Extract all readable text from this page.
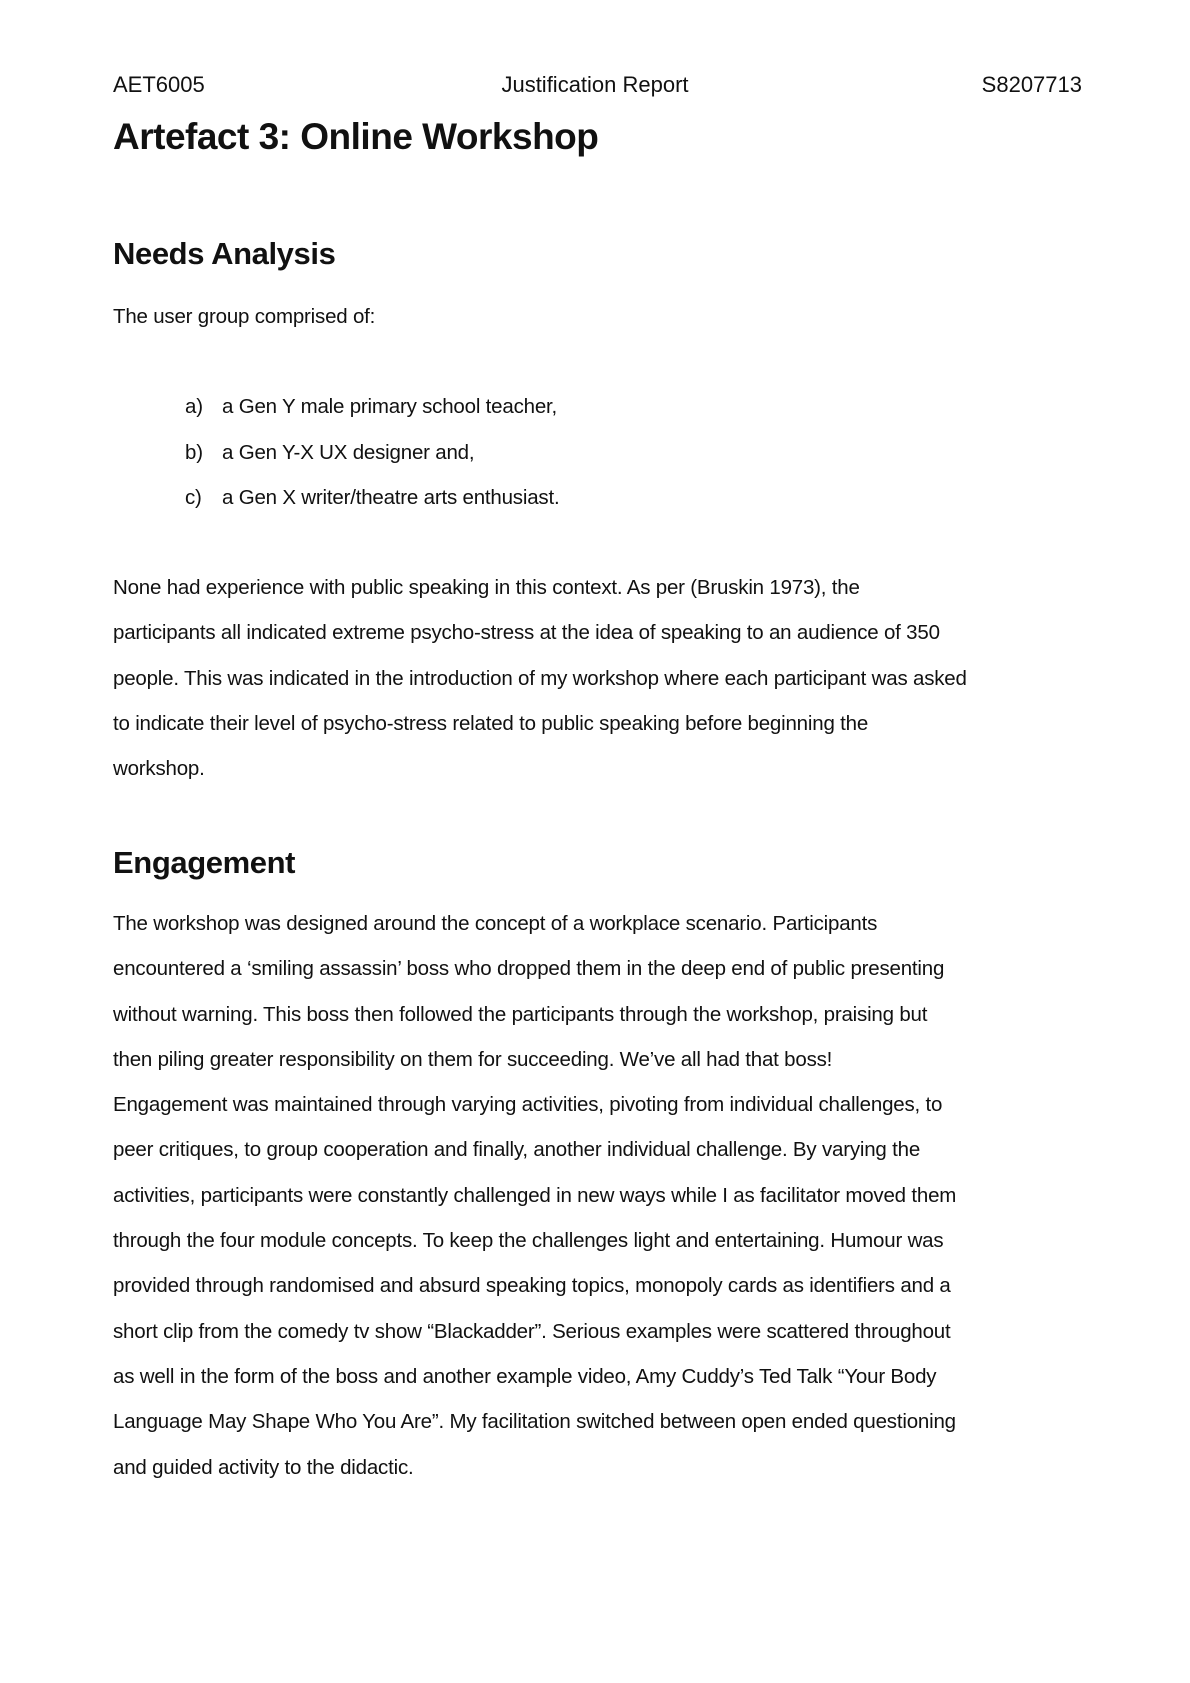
AET6005	Justification Report	S8207713
Artefact 3: Online Workshop
Needs Analysis
The user group comprised of:
a) a Gen Y male primary school teacher,
b) a Gen Y-X UX designer and,
c) a Gen X writer/theatre arts enthusiast.
None had experience with public speaking in this context. As per (Bruskin 1973), the
participants all indicated extreme psycho-stress at the idea of speaking to an audience of 350
people. This was indicated in the introduction of my workshop where each participant was asked
to indicate their level of psycho-stress related to public speaking before beginning the
workshop.
Engagement
The workshop was designed around the concept of a workplace scenario. Participants
encountered a ‘smiling assassin’ boss who dropped them in the deep end of public presenting
without warning. This boss then followed the participants through the workshop, praising but
then piling greater responsibility on them for succeeding. We’ve all had that boss!
Engagement was maintained through varying activities, pivoting from individual challenges, to
peer critiques, to group cooperation and finally, another individual challenge. By varying the
activities, participants were constantly challenged in new ways while I as facilitator moved them
through the four module concepts. To keep the challenges light and entertaining. Humour was
provided through randomised and absurd speaking topics, monopoly cards as identifiers and a
short clip from the comedy tv show “Blackadder”. Serious examples were scattered throughout
as well in the form of the boss and another example video, Amy Cuddy’s Ted Talk “Your Body
Language May Shape Who You Are”. My facilitation switched between open ended questioning
and guided activity to the didactic.
